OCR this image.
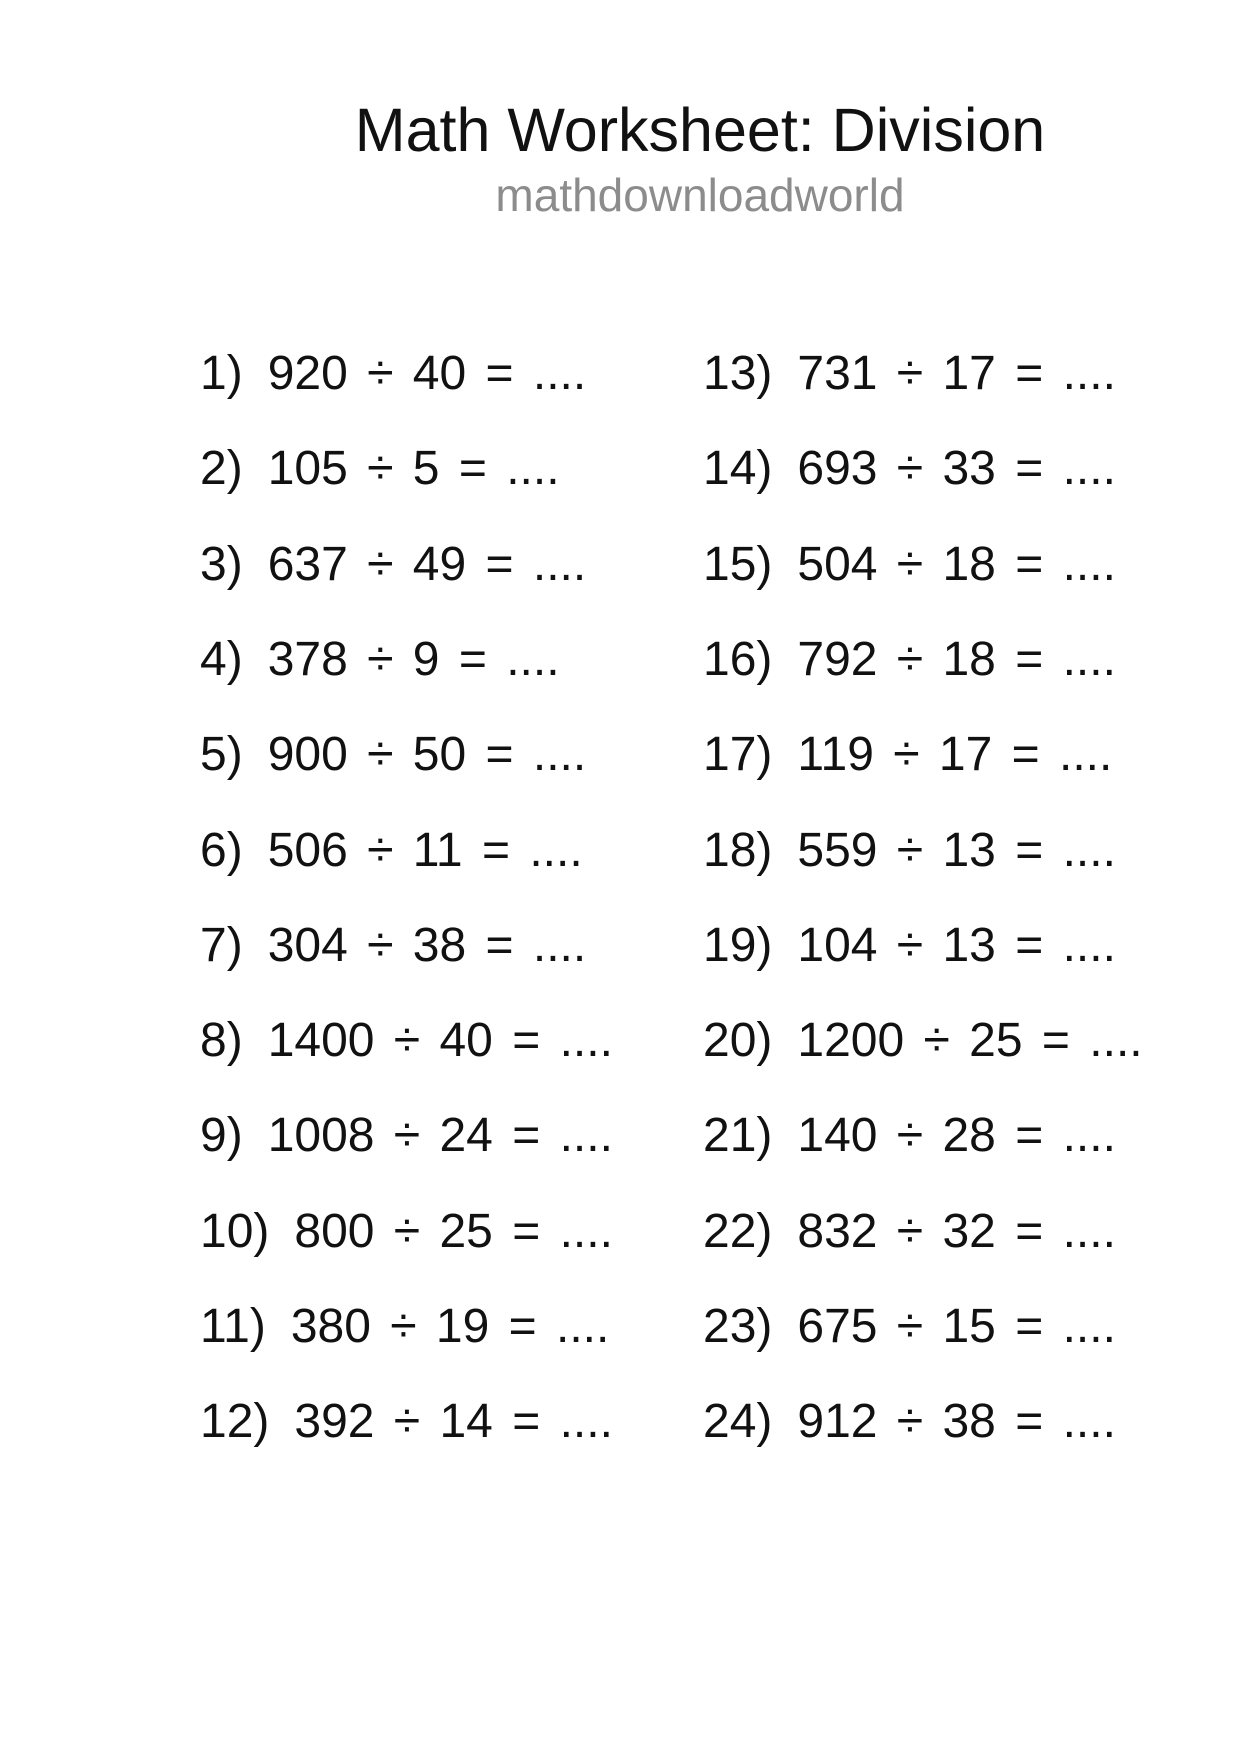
Math Worksheet: Division
mathdownloadworld
1) 920 ÷ 40 = ....
2) 105 ÷ 5 = ....
3) 637 ÷ 49 = ....
4) 378 ÷ 9 = ....
5) 900 ÷ 50 = ....
6) 506 ÷ 11 = ....
7) 304 ÷ 38 = ....
8) 1400 ÷ 40 = ....
9) 1008 ÷ 24 = ....
10) 800 ÷ 25 = ....
11) 380 ÷ 19 = ....
12) 392 ÷ 14 = ....
13) 731 ÷ 17 = ....
14) 693 ÷ 33 = ....
15) 504 ÷ 18 = ....
16) 792 ÷ 18 = ....
17) 119 ÷ 17 = ....
18) 559 ÷ 13 = ....
19) 104 ÷ 13 = ....
20) 1200 ÷ 25 = ....
21) 140 ÷ 28 = ....
22) 832 ÷ 32 = ....
23) 675 ÷ 15 = ....
24) 912 ÷ 38 = ....
